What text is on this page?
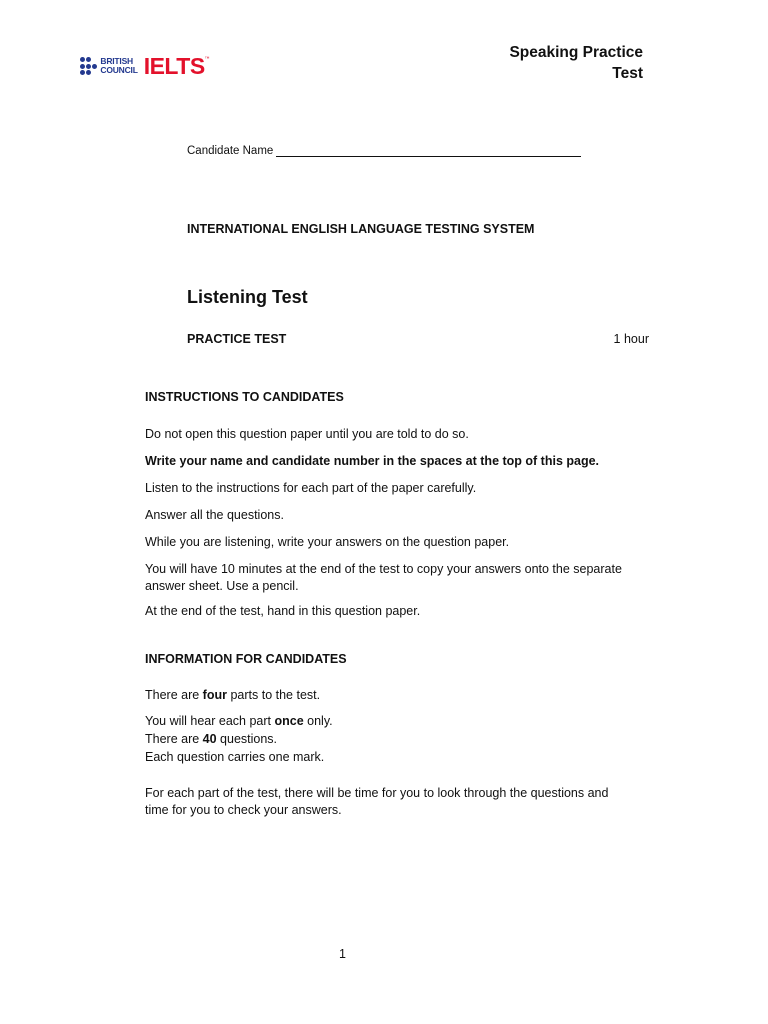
BRITISH
COUNCIL IELTS ™	Speaking Practice
Test
Candidate Name
INTERNATIONAL ENGLISH LANGUAGE TESTING SYSTEM
Listening Test
PRACTICE TEST	1 hour
INSTRUCTIONS TO CANDIDATES
Do not open this question paper until you are told to do so.
Write your name and candidate number in the spaces at the top of this page.
Listen to the instructions for each part of the paper carefully.
Answer all the questions.
While you are listening, write your answers on the question paper.
You will have 10 minutes at the end of the test to copy your answers onto the separate answer sheet. Use a pencil.
At the end of the test, hand in this question paper.
INFORMATION FOR CANDIDATES
There are four parts to the test.
You will hear each part once only.
There are 40 questions.
Each question carries one mark.
For each part of the test, there will be time for you to look through the questions and time for you to check your answers.
1
